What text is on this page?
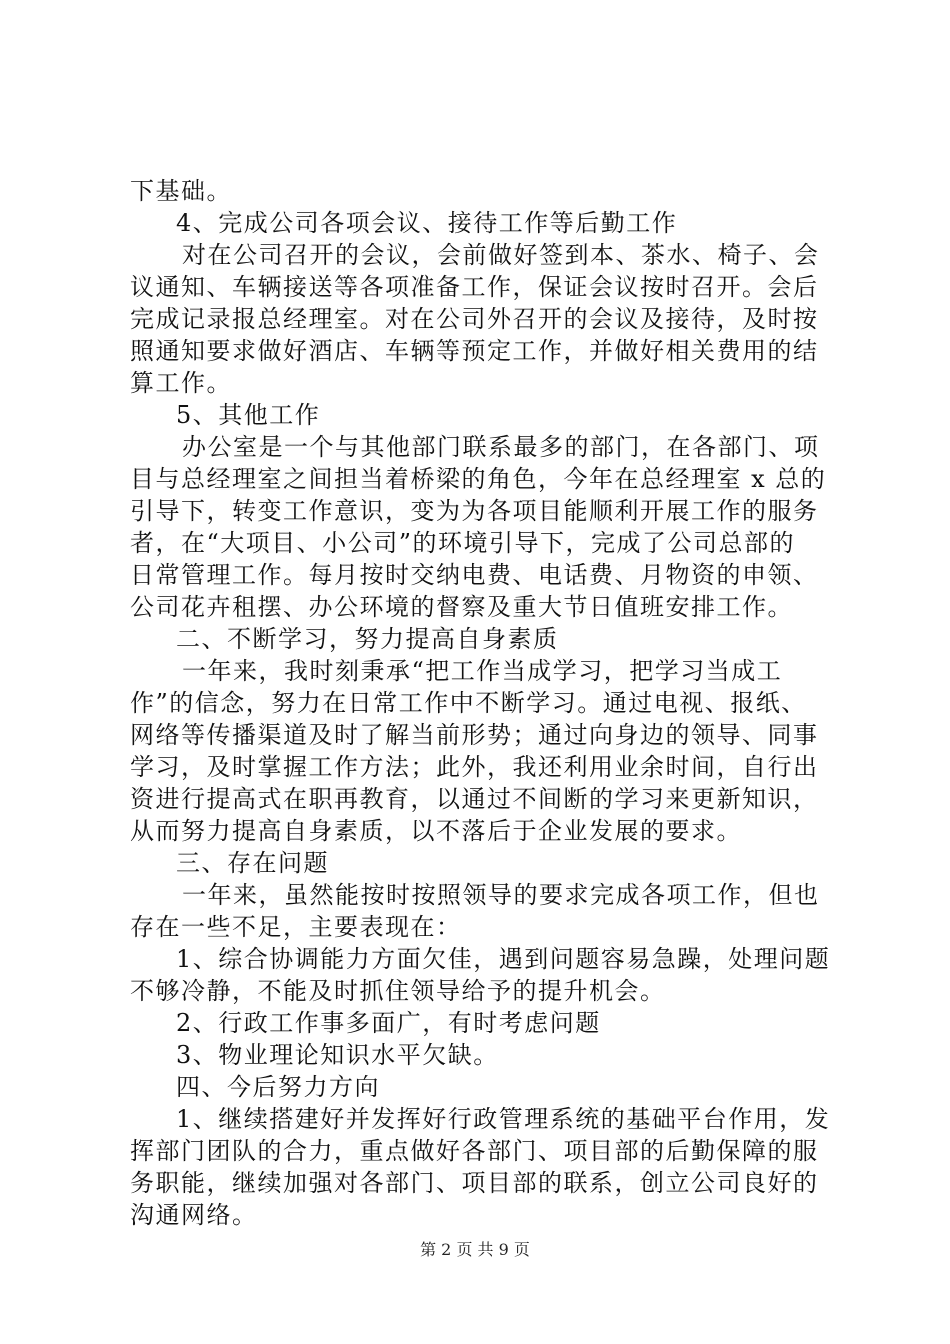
下基础。
4、完成公司各项会议、接待工作等后勤工作
对在公司召开的会议，会前做好签到本、茶水、椅子、会
议通知、车辆接送等各项准备工作，保证会议按时召开。会后
完成记录报总经理室。对在公司外召开的会议及接待，及时按
照通知要求做好酒店、车辆等预定工作，并做好相关费用的结
算工作。
5、其他工作
办公室是一个与其他部门联系最多的部门，在各部门、项
目与总经理室之间担当着桥梁的角色，今年在总经理室 x 总的
引导下，转变工作意识，变为为各项目能顺利开展工作的服务
者，在“大项目、小公司”的环境引导下，完成了公司总部的
日常管理工作。每月按时交纳电费、电话费、月物资的申领、
公司花卉租摆、办公环境的督察及重大节日值班安排工作。
二、不断学习，努力提高自身素质
一年来，我时刻秉承“把工作当成学习，把学习当成工
作”的信念，努力在日常工作中不断学习。通过电视、报纸、
网络等传播渠道及时了解当前形势；通过向身边的领导、同事
学习，及时掌握工作方法；此外，我还利用业余时间，自行出
资进行提高式在职再教育，以通过不间断的学习来更新知识，
从而努力提高自身素质，以不落后于企业发展的要求。
三、存在问题
一年来，虽然能按时按照领导的要求完成各项工作，但也
存在一些不足，主要表现在：
1、综合协调能力方面欠佳，遇到问题容易急躁，处理问题
不够冷静，不能及时抓住领导给予的提升机会。
2、行政工作事多面广，有时考虑问题
3、物业理论知识水平欠缺。
四、今后努力方向
1、继续搭建好并发挥好行政管理系统的基础平台作用，发
挥部门团队的合力，重点做好各部门、项目部的后勤保障的服
务职能，继续加强对各部门、项目部的联系，创立公司良好的
沟通网络。
第 2 页 共 9 页
